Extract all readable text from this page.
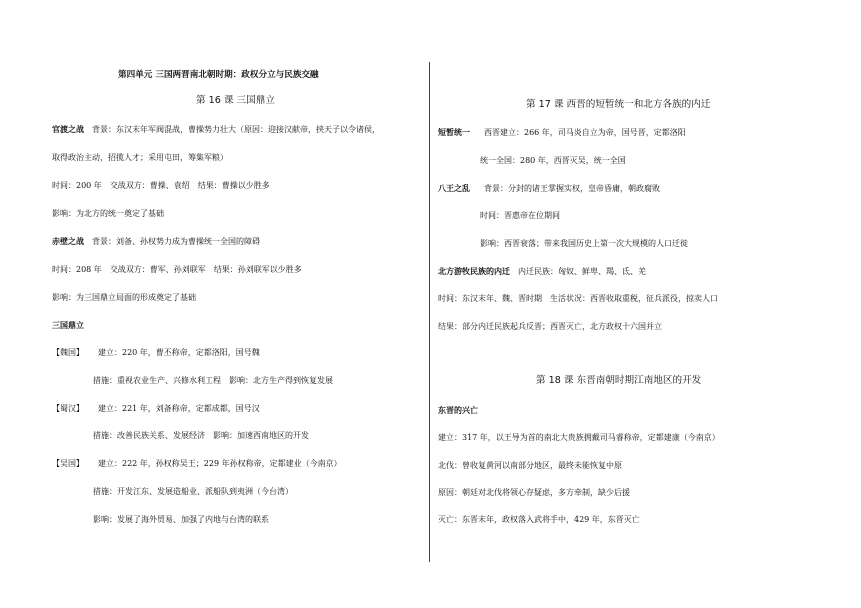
第四单元 三国两晋南北朝时期：政权分立与民族交融
第 16 课 三国鼎立
官渡之战 背景：东汉末年军阀混战，曹操势力壮大（原因：迎接汉献帝，挟天子以令诸侯，
取得政治主动，招揽人才；采用屯田，筹集军粮）
时间：200 年 交战双方：曹操、袁绍 结果：曹操以少胜多
影响：为北方的统一奠定了基础
赤壁之战 背景：刘备、孙权势力成为曹操统一全国的障碍
时间：208 年 交战双方：曹军、孙刘联军 结果：孙刘联军以少胜多
影响：为三国鼎立局面的形成奠定了基础
三国鼎立
【魏国】 建立：220 年，曹丕称帝，定都洛阳，国号魏
措施：重视农业生产、兴修水利工程 影响：北方生产得到恢复发展
【蜀汉】 建立：221 年，刘备称帝，定都成都，国号汉
措施：改善民族关系、发展经济 影响：加速西南地区的开发
【吴国】 建立：222 年，孙权称吴王；229 年孙权称帝，定都建业（今南京）
措施：开发江东、发展造船业、派船队到夷洲（今台湾）
影响：发展了海外贸易、加强了内地与台湾的联系
第 17 课 西晋的短暂统一和北方各族的内迁
短暂统一 西晋建立：266 年，司马炎自立为帝，国号晋，定都洛阳
统一全国：280 年，西晋灭吴，统一全国
八王之乱 背景：分封的诸王掌握实权，皇帝昏庸，朝政腐败
时间：晋惠帝在位期间
影响：西晋衰落；带来我国历史上第一次大规模的人口迁徙
北方游牧民族的内迁 内迁民族：匈奴、鲜卑、羯、氐、羌
时间：东汉末年、魏、晋时期 生活状况：西晋收取重税，征兵派役，掠卖人口
结果：部分内迁民族起兵反晋；西晋灭亡，北方政权十六国并立
第 18 课 东晋南朝时期江南地区的开发
东晋的兴亡
建立：317 年，以王导为首的南北大贵族拥戴司马睿称帝，定都建康（今南京）
北伐：曾收复黄河以南部分地区，最终未能恢复中原
原因：朝廷对北伐将领心存疑虑，多方牵制，缺少后援
灭亡：东晋末年，政权落入武将手中，429 年，东晋灭亡
